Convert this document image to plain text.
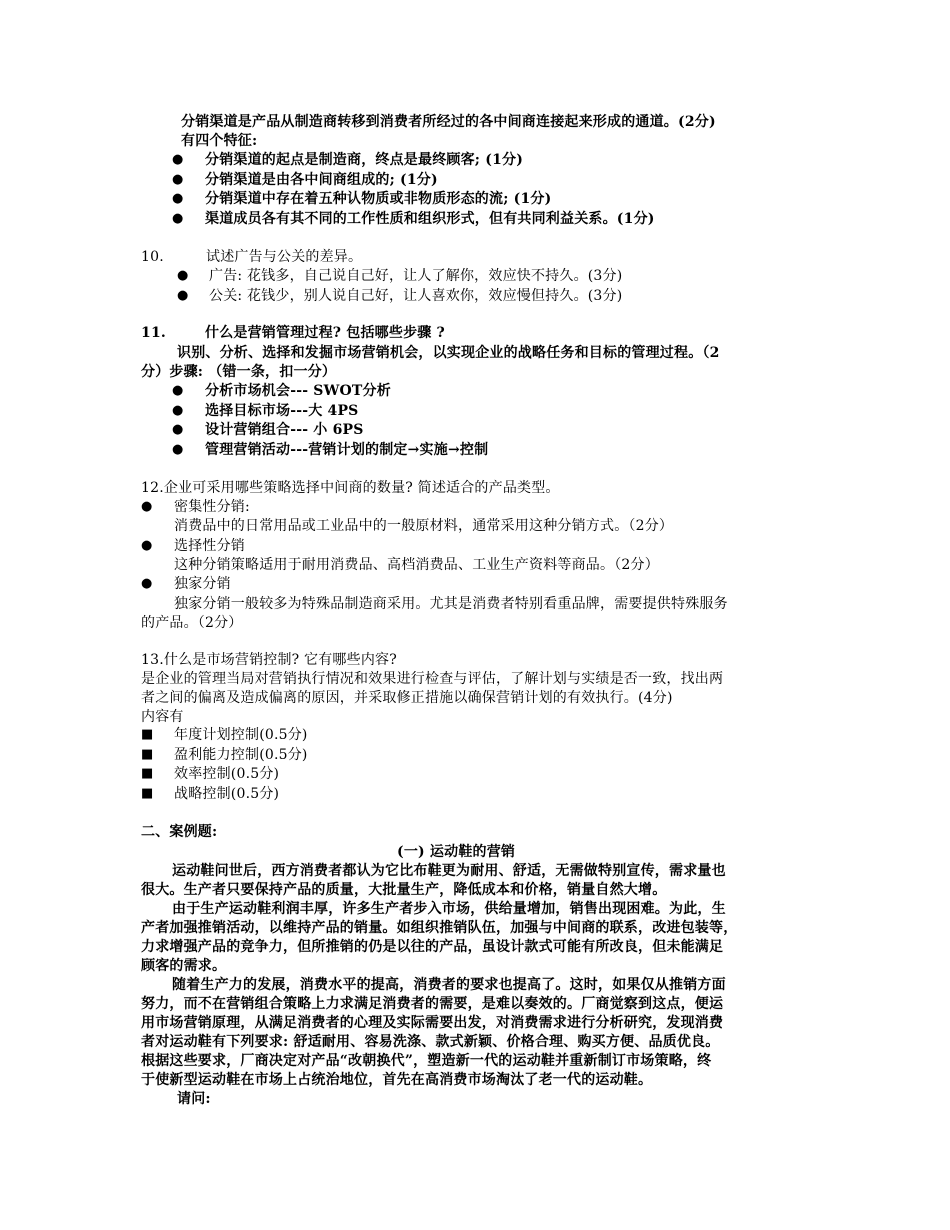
分销渠道是产品从制造商转移到消费者所经过的各中间商连接起来形成的通道。(2分)
有四个特征:
● 分销渠道的起点是制造商，终点是最终顾客; (1分)
● 分销渠道是由各中间商组成的; (1分)
● 分销渠道中存在着五种认物质或非物质形态的流; (1分)
● 渠道成员各有其不同的工作性质和组织形式，但有共同利益关系。(1分)
10.	试述广告与公关的差异。
● 广告: 花钱多，自己说自己好，让人了解你，效应快不持久。(3分)
● 公关: 花钱少，别人说自己好，让人喜欢你，效应慢但持久。(3分)
11.	什么是营销管理过程? 包括哪些步骤 ?
识别、分析、选择和发掘市场营销机会，以实现企业的战略任务和目标的管理过程。（2
分）步骤: （错一条，扣一分）
● 分析市场机会--- SWOT分析
● 选择目标市场---大 4PS
● 设计营销组合--- 小 6PS
● 管理营销活动---营销计划的制定→实施→控制
12.企业可采用哪些策略选择中间商的数量? 简述适合的产品类型。
● 密集性分销:
消费品中的日常用品或工业品中的一般原材料，通常采用这种分销方式。（2分）
● 选择性分销
这种分销策略适用于耐用消费品、高档消费品、工业生产资料等商品。（2分）
● 独家分销
独家分销一般较多为特殊品制造商采用。尤其是消费者特别看重品牌，需要提供特殊服务
的产品。（2分）
13.什么是市场营销控制? 它有哪些内容?
是企业的管理当局对营销执行情况和效果进行检查与评估，了解计划与实绩是否一致，找出两
者之间的偏离及造成偏离的原因，并采取修正措施以确保营销计划的有效执行。(4分)
内容有
■ 年度计划控制(0.5分)
■ 盈利能力控制(0.5分)
■ 效率控制(0.5分)
■ 战略控制(0.5分)
二、案例题:
(一) 运动鞋的营销
运动鞋问世后，西方消费者都认为它比布鞋更为耐用、舒适，无需做特别宣传，需求量也
很大。生产者只要保持产品的质量，大批量生产，降低成本和价格，销量自然大增。
由于生产运动鞋利润丰厚，许多生产者步入市场，供给量增加，销售出现困难。为此，生
产者加强推销活动，以维持产品的销量。如组织推销队伍，加强与中间商的联系，改进包装等，
力求增强产品的竞争力，但所推销的仍是以往的产品，虽设计款式可能有所改良，但未能满足
顾客的需求。
随着生产力的发展，消费水平的提高，消费者的要求也提高了。这时，如果仅从推销方面
努力，而不在营销组合策略上力求满足消费者的需要，是难以奏效的。厂商觉察到这点，便运
用市场营销原理，从满足消费者的心理及实际需要出发，对消费需求进行分析研究，发现消费
者对运动鞋有下列要求: 舒适耐用、容易洗涤、款式新颖、价格合理、购买方便、品质优良。
根据这些要求，厂商决定对产品“改朝换代”，塑造新一代的运动鞋并重新制订市场策略，终
于使新型运动鞋在市场上占统治地位，首先在高消费市场淘汰了老一代的运动鞋。
请问:
